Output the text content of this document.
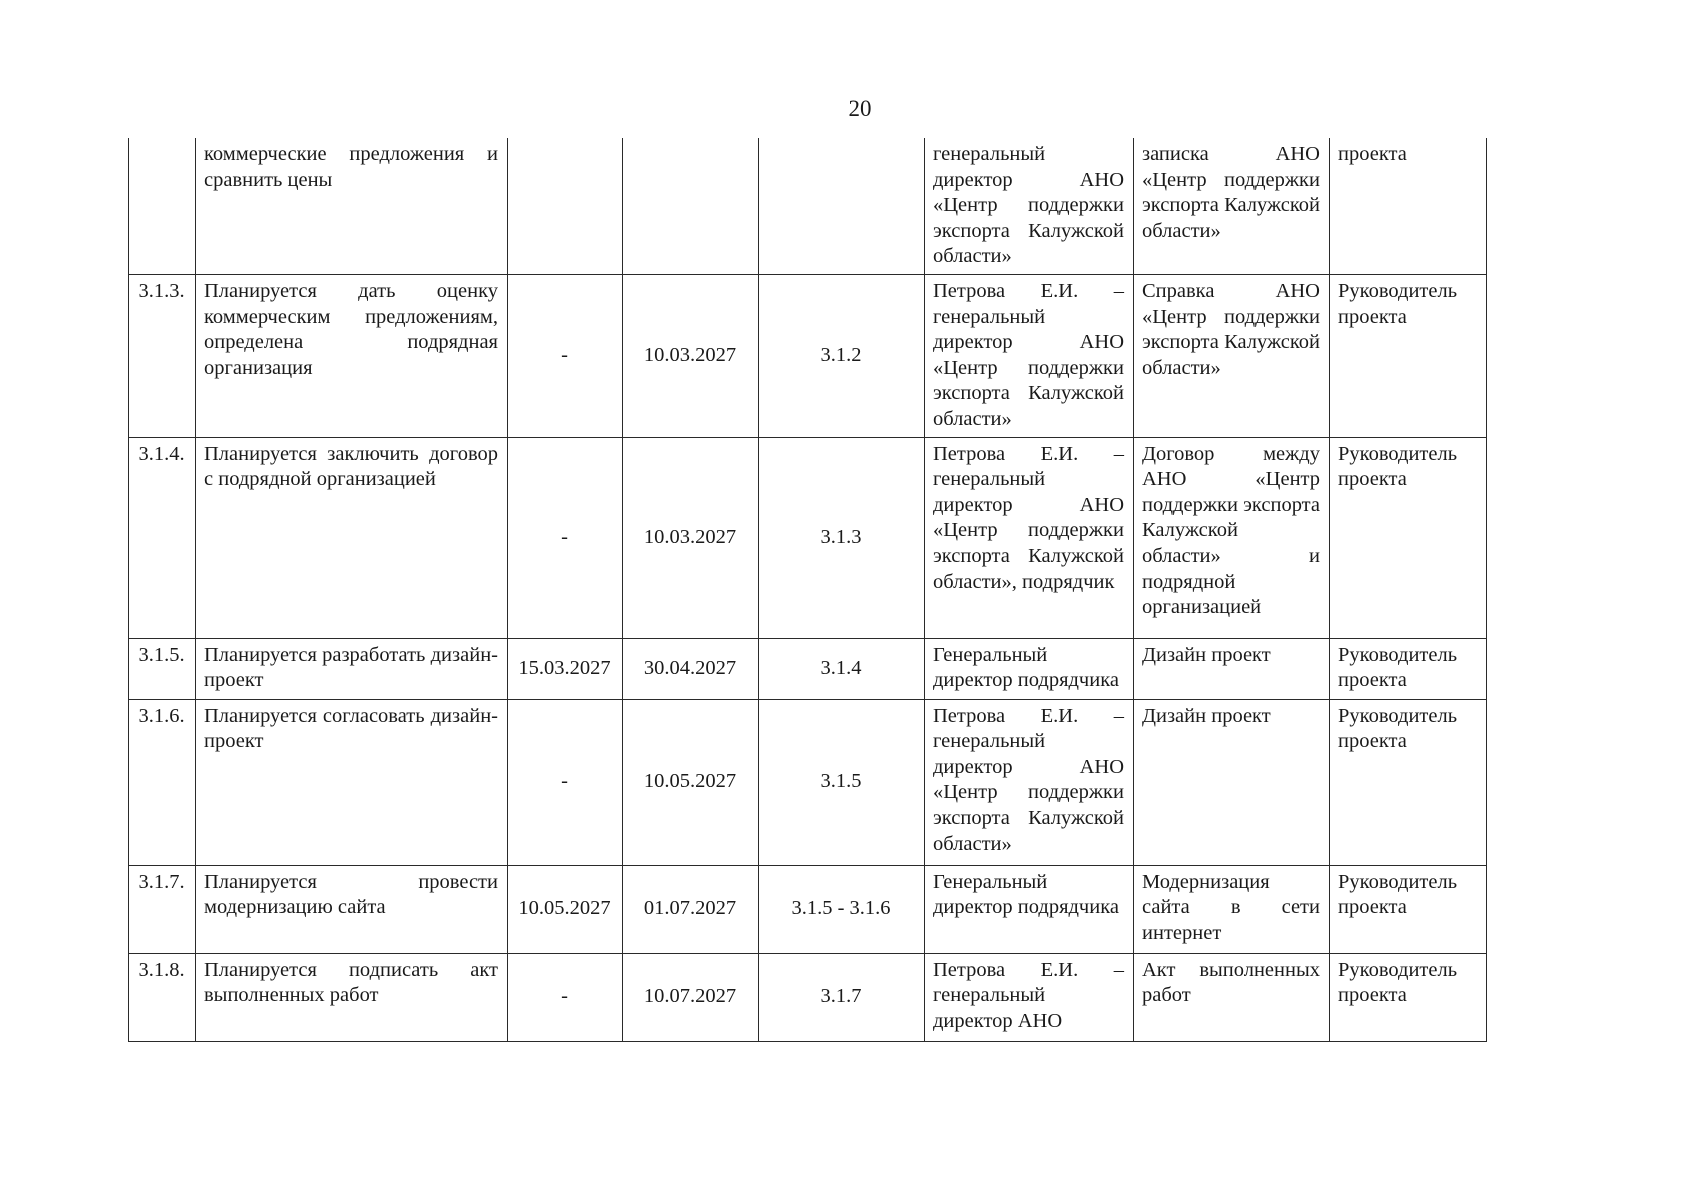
20
	коммерческие предложения и сравнить цены				генеральный директор АНО «Центр поддержки экспорта Калужской области»	записка АНО «Центр поддержки экспорта Калужской области»	проекта
3.1.3.	Планируется дать оценку коммерческим предложениям, определена подрядная организация	-	10.03.2027	3.1.2	Петрова Е.И. – генеральный директор АНО «Центр поддержки экспорта Калужской области»	Справка АНО «Центр поддержки экспорта Калужской области»	Руководитель проекта
3.1.4.	Планируется заключить договор с подрядной организацией	-	10.03.2027	3.1.3	Петрова Е.И. – генеральный директор АНО «Центр поддержки экспорта Калужской области», подрядчик	Договор между АНО «Центр поддержки экспорта Калужской области» и подрядной организацией	Руководитель проекта
3.1.5.	Планируется разработать дизайн-проект	15.03.2027	30.04.2027	3.1.4	Генеральный директор подрядчика	Дизайн проект	Руководитель проекта
3.1.6.	Планируется согласовать дизайн-проект	-	10.05.2027	3.1.5	Петрова Е.И. – генеральный директор АНО «Центр поддержки экспорта Калужской области»	Дизайн проект	Руководитель проекта
3.1.7.	Планируется провести модернизацию сайта	10.05.2027	01.07.2027	3.1.5 - 3.1.6	Генеральный директор подрядчика	Модернизация сайта в сети интернет	Руководитель проекта
3.1.8.	Планируется подписать акт выполненных работ	-	10.07.2027	3.1.7	Петрова Е.И. – генеральный директор АНО	Акт выполненных работ	Руководитель проекта
